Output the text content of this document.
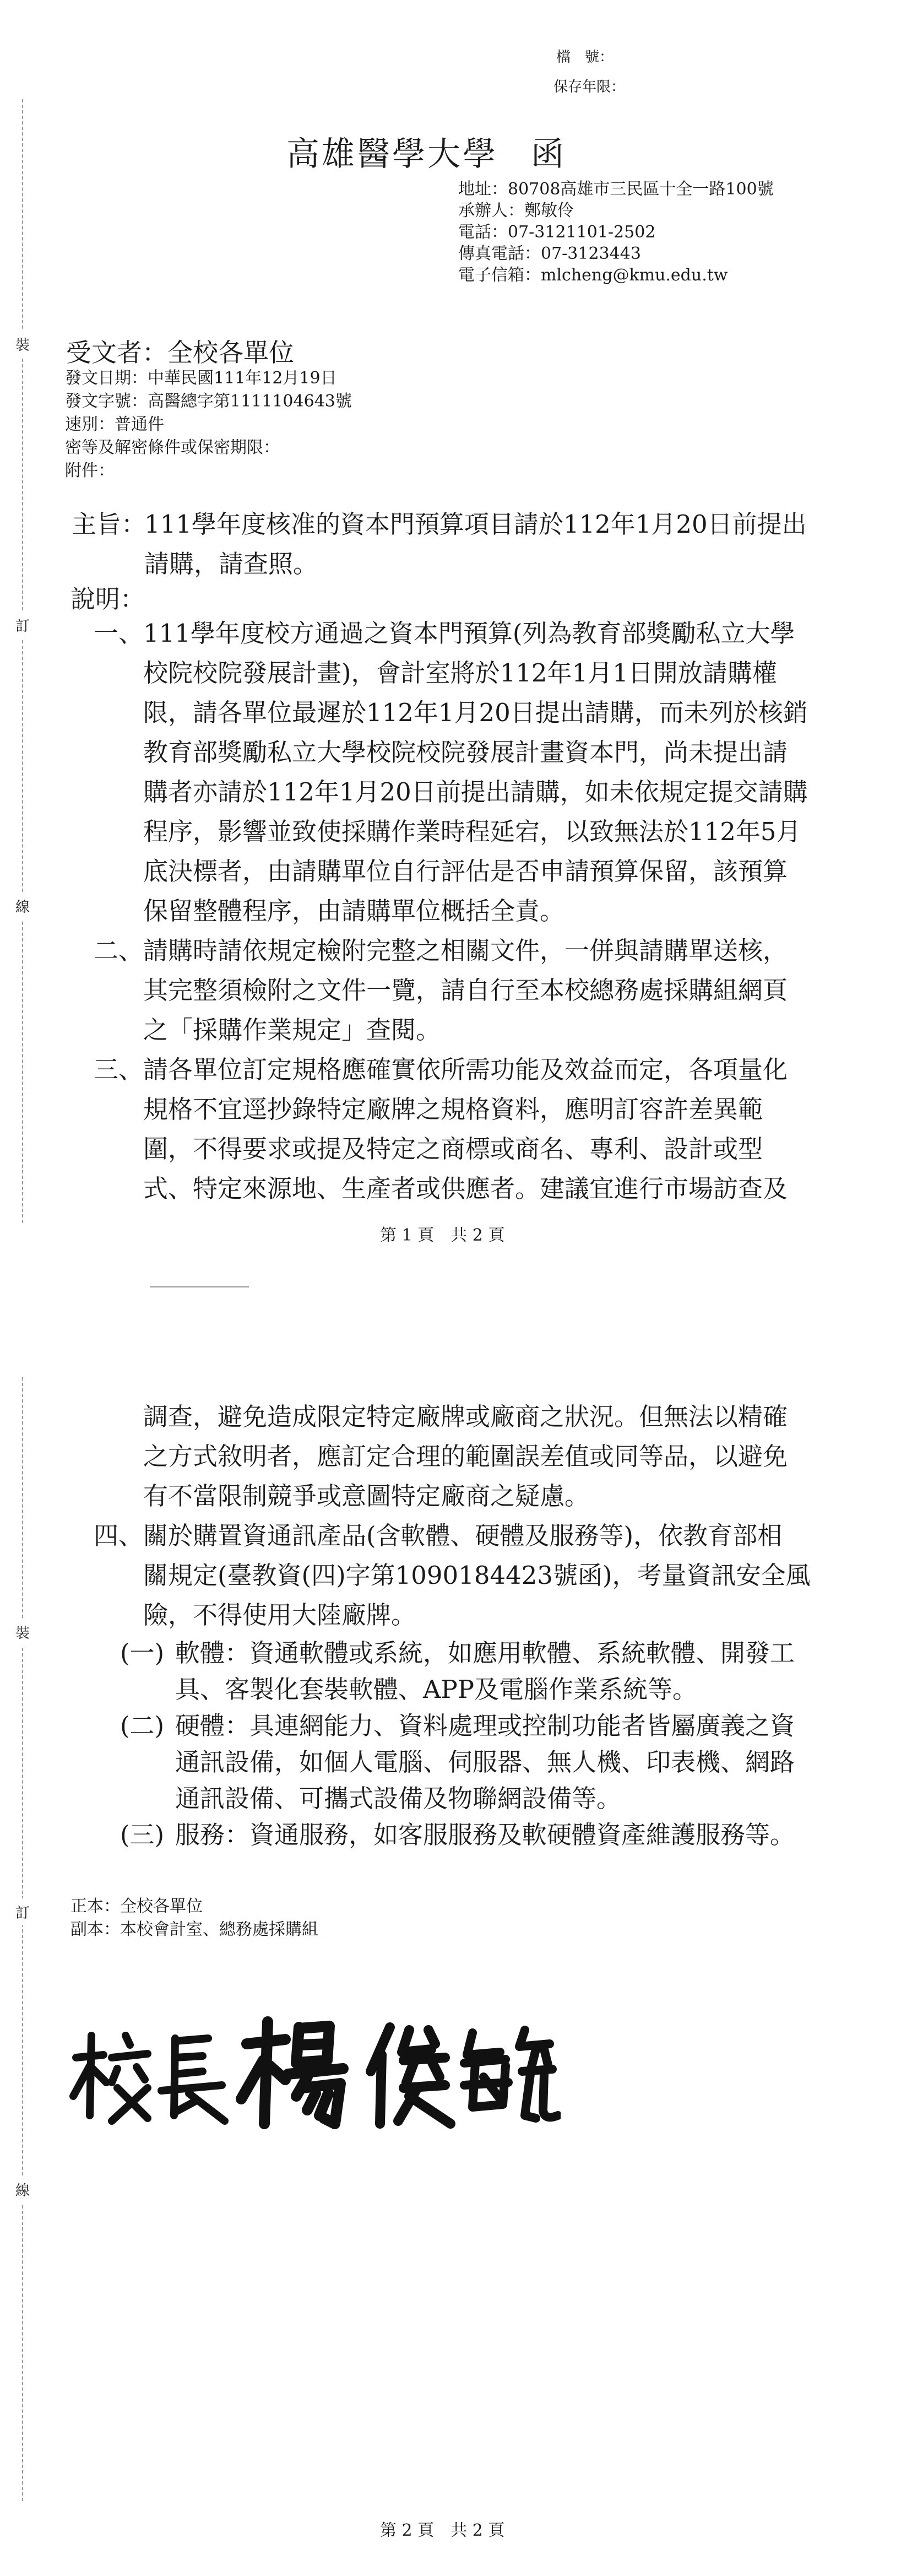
裝
訂
線
檔　號：
保存年限：
高雄醫學大學 函
地址：80708高雄市三民區十全一路100號
承辦人：鄭敏伶
電話：07-3121101-2502
傳真電話：07-3123443
電子信箱：mlcheng@kmu.edu.tw
受文者：全校各單位
發文日期：中華民國111年12月19日
發文字號：高醫總字第1111104643號
速別：普通件
密等及解密條件或保密期限：
附件：
主旨：
111學年度核准的資本門預算項目請於112年1月20日前提出
請購，請查照。
說明：
一、 111學年度校方通過之資本門預算(列為教育部獎勵私立大學
校院校院發展計畫)，會計室將於112年1月1日開放請購權
限，請各單位最遲於112年1月20日提出請購，而未列於核銷
教育部獎勵私立大學校院校院發展計畫資本門，尚未提出請
購者亦請於112年1月20日前提出請購，如未依規定提交請購
程序，影響並致使採購作業時程延宕，以致無法於112年5月
底決標者，由請購單位自行評估是否申請預算保留，該預算
保留整體程序，由請購單位概括全責。
二、 請購時請依規定檢附完整之相關文件，一併與請購單送核，
其完整須檢附之文件一覽，請自行至本校總務處採購組網頁
之「採購作業規定」查閱。
三、 請各單位訂定規格應確實依所需功能及效益而定，各項量化
規格不宜逕抄錄特定廠牌之規格資料，應明訂容許差異範
圍，不得要求或提及特定之商標或商名、專利、設計或型
式、特定來源地、生產者或供應者。建議宜進行市場訪查及
第 1 頁　共 2 頁
裝
訂
線
調查，避免造成限定特定廠牌或廠商之狀況。但無法以精確
之方式敘明者，應訂定合理的範圍誤差值或同等品，以避免
有不當限制競爭或意圖特定廠商之疑慮。
四、 關於購置資通訊產品(含軟體、硬體及服務等)，依教育部相
關規定(臺教資(四)字第1090184423號函)，考量資訊安全風
險，不得使用大陸廠牌。
(一) 軟體：資通軟體或系統，如應用軟體、系統軟體、開發工
具、客製化套裝軟體、APP及電腦作業系統等。
(二) 硬體：具連網能力、資料處理或控制功能者皆屬廣義之資
通訊設備，如個人電腦、伺服器、無人機、印表機、網路
通訊設備、可攜式設備及物聯網設備等。
(三) 服務：資通服務，如客服服務及軟硬體資產維護服務等。
正本：全校各單位
副本：本校會計室、總務處採購組
第 2 頁　共 2 頁
